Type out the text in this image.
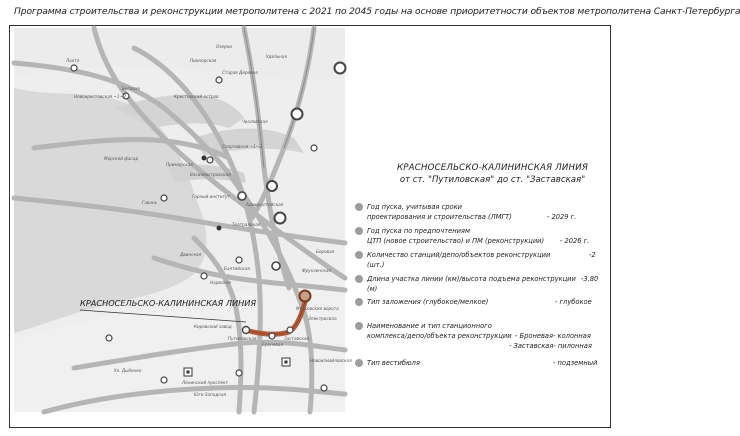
Программа строительства и реконструкции метрополитена с 2021 по 2045 годы на основе приоритетности объектов метрополитена Санкт-Петербурга
КРАСНОСЕЛЬСКО-КАЛИНИНСКАЯ ЛИНИЯ
Лахта
Беговая
Новокрестовская ~1~2
Старая Деревня
Крестовский остров
Чкаловская
Морской фасад
Приморская
Василеостровская
Спортивная ~1~2
Гавань
Горный институт
Адмиралтейская
Театральная
Боровая
Путиловская
Броневая
Заставская
Кировский завод
Ленинский проспект
Юго-Западная
Новоизмайловская
Электросила
Московские ворота
Фрунзенская
Балтийская
Нарвская
Двинская
Ул. Дыбенко
Озерки
Пионерская
Удельная
КРАСНОСЕЛЬСКО-КАЛИНИНСКАЯ ЛИНИЯ
от ст. "Путиловская" до ст. "Заставская"
Год пуска, учитывая сроки
проектирования и строительства (ЛМГТ)	- 2029 г.
Год пуска по предпочтениям
ЦТП (новое строительство) и ПМ (реконструкции) - 2026 г.
Количество станций/депо/объектов реконструкции
(шт.)
-2
Длина участка линии (км)/высота подъема реконструкции
(м)
-3.80
Тип заложения (глубокое/мелкое)	- глубокое
Наименование и тип станционного
комплекса/депо/объекта реконструкции - Броневая- колонная
- Заставская- пилонная
Тип вестибюля	- подземный
